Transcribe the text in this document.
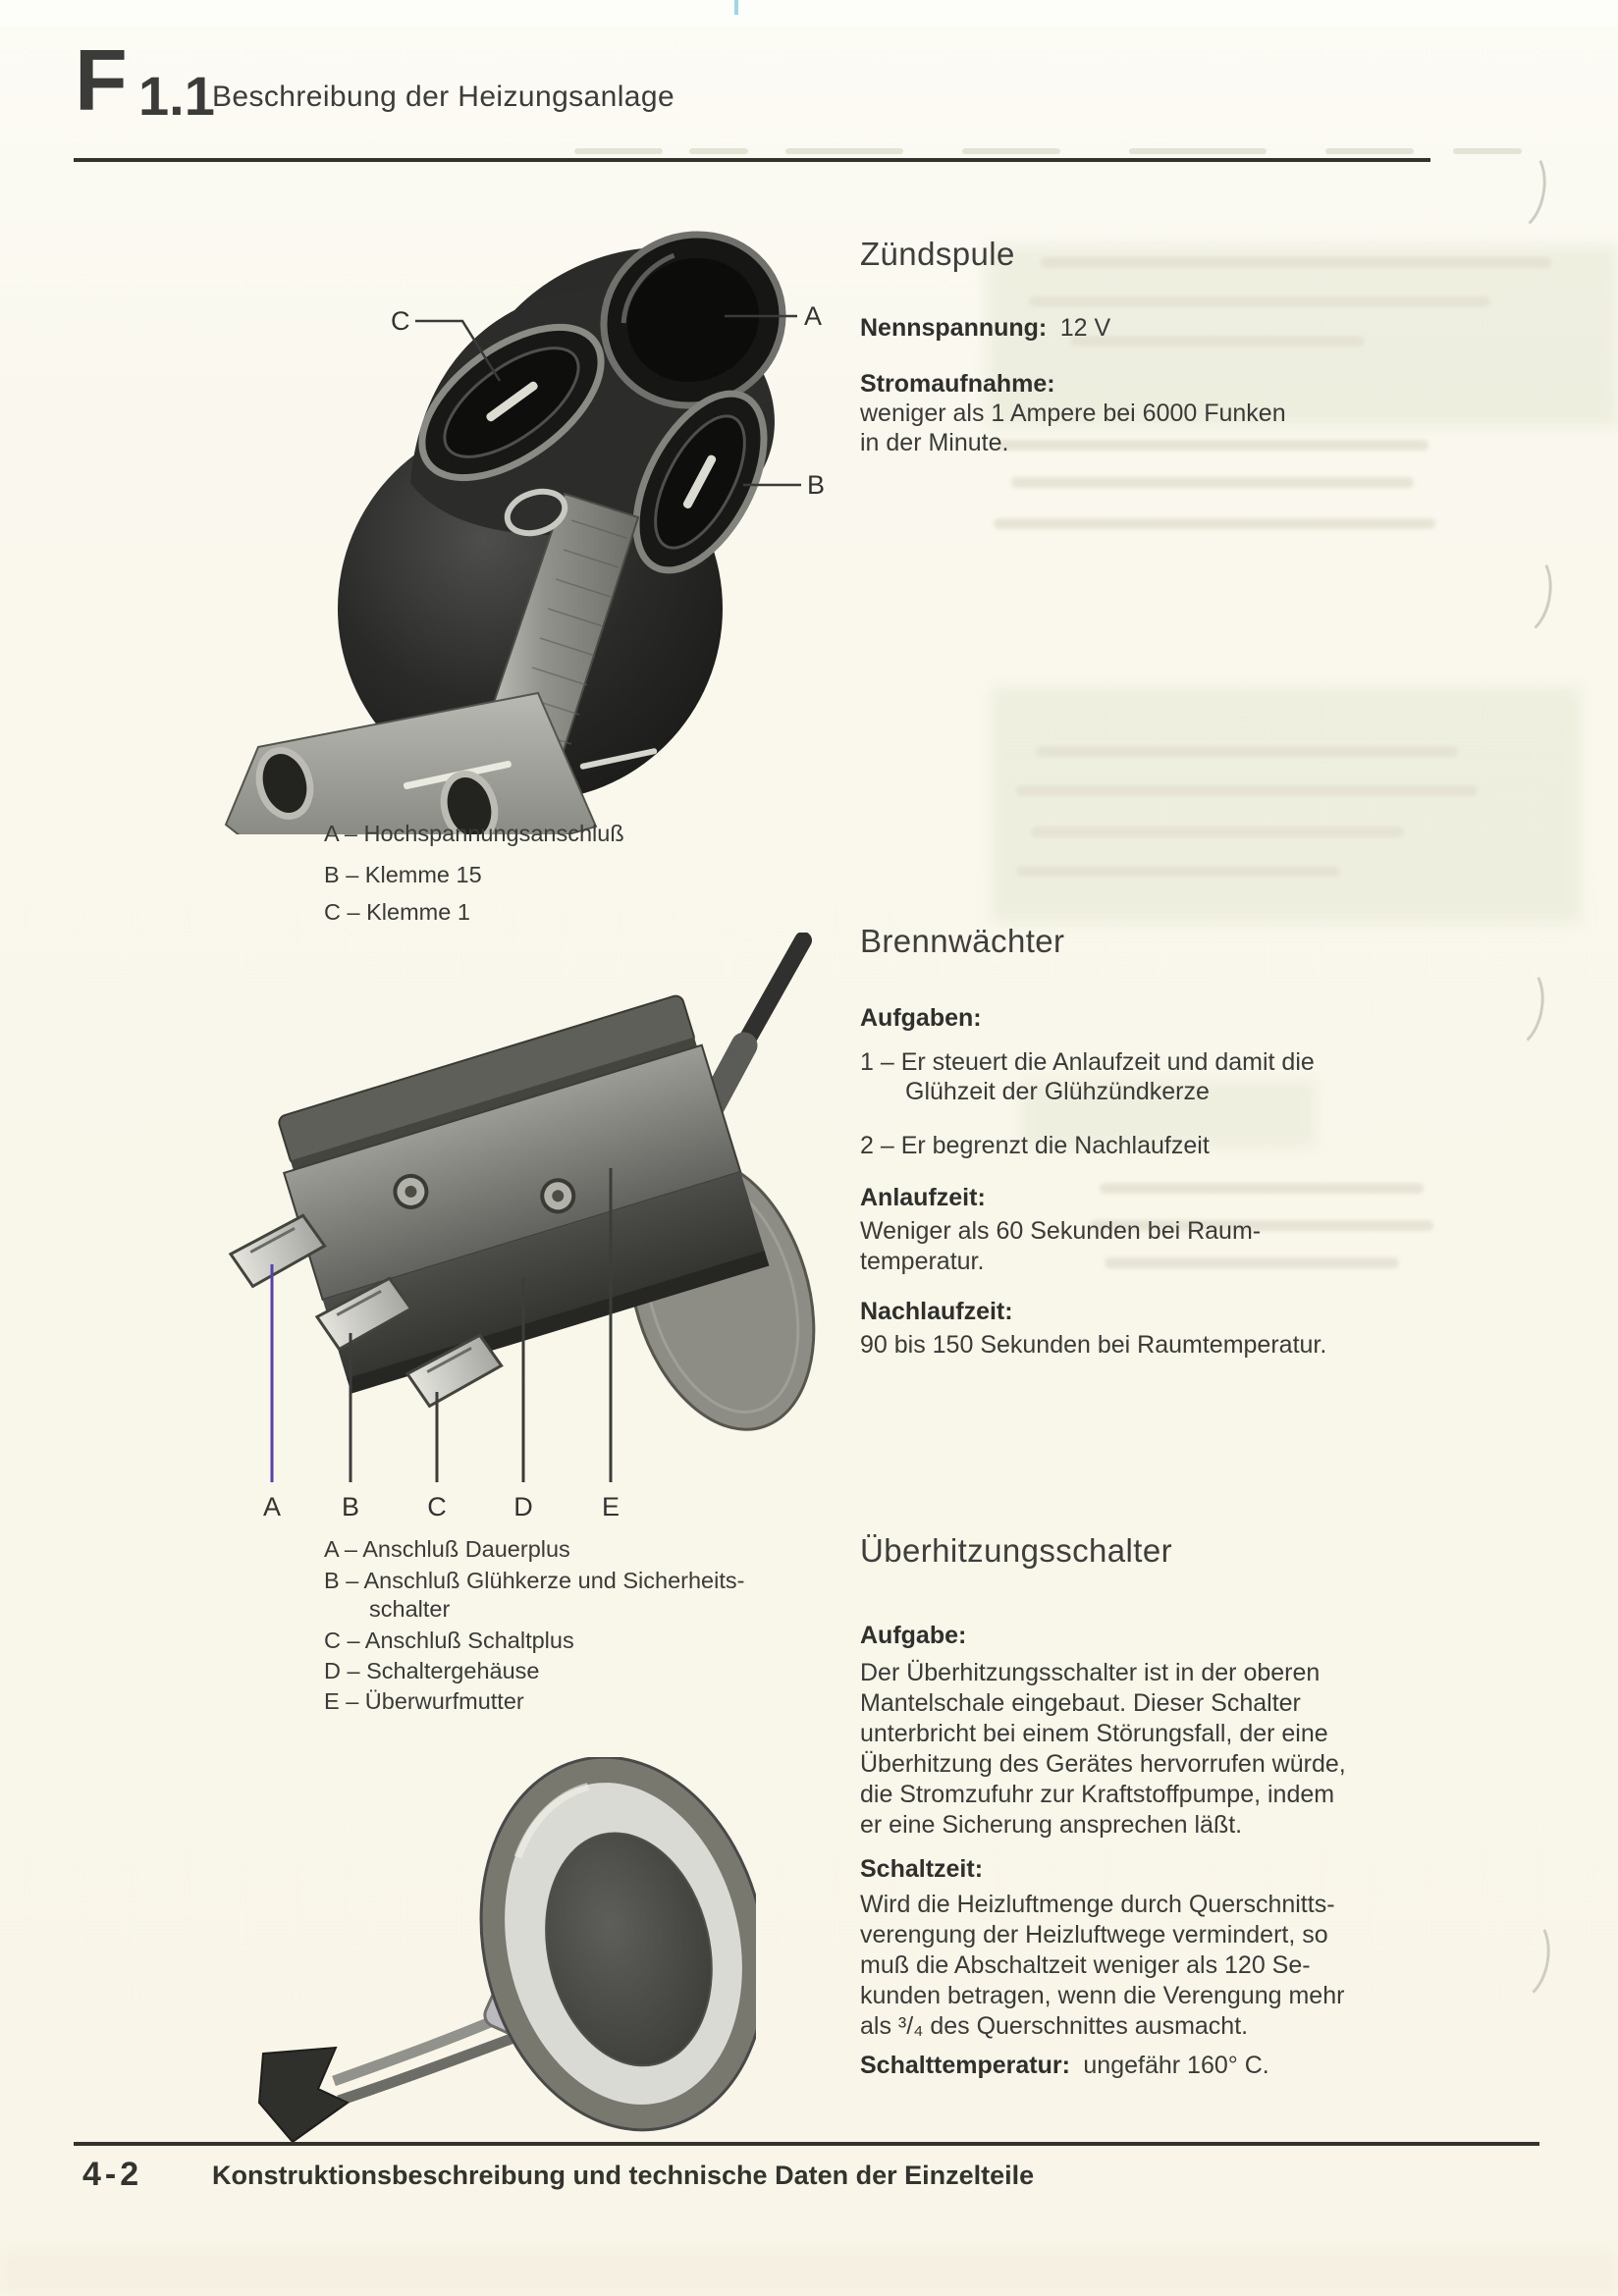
F 1.1
Beschreibung der Heizungsanlage
C	A
B
A – Hochspannungsanschluß
B – Klemme 15
C – Klemme 1
Zündspule
Nennspannung: 12 V
Stromaufnahme:
weniger als 1 Ampere bei 6000 Funken
in der Minute.
A B	C	D	E
A – Anschluß Dauerplus
B – Anschluß Glühkerze und Sicherheits-
schalter
C – Anschluß Schaltplus
D – Schaltergehäuse
E – Überwurfmutter
Brennwächter
Aufgaben:
1 – Er steuert die Anlaufzeit und damit die
Glühzeit der Glühzündkerze
2 – Er begrenzt die Nachlaufzeit
Anlaufzeit:
Weniger als 60 Sekunden bei Raum-
temperatur.
Nachlaufzeit:
90 bis 150 Sekunden bei Raumtemperatur.
Überhitzungsschalter
Aufgabe:
Der Überhitzungsschalter ist in der oberen
Mantelschale eingebaut. Dieser Schalter
unterbricht bei einem Störungsfall, der eine
Überhitzung des Gerätes hervorrufen würde,
die Stromzufuhr zur Kraftstoffpumpe, indem
er eine Sicherung ansprechen läßt.
Schaltzeit:
Wird die Heizluftmenge durch Querschnitts-
verengung der Heizluftwege vermindert, so
muß die Abschaltzeit weniger als 120 Se-
kunden betragen, wenn die Verengung mehr
als ³/₄ des Querschnittes ausmacht.
Schalttemperatur: ungefähr 160° C.
4-2	Konstruktionsbeschreibung und technische Daten der Einzelteile
